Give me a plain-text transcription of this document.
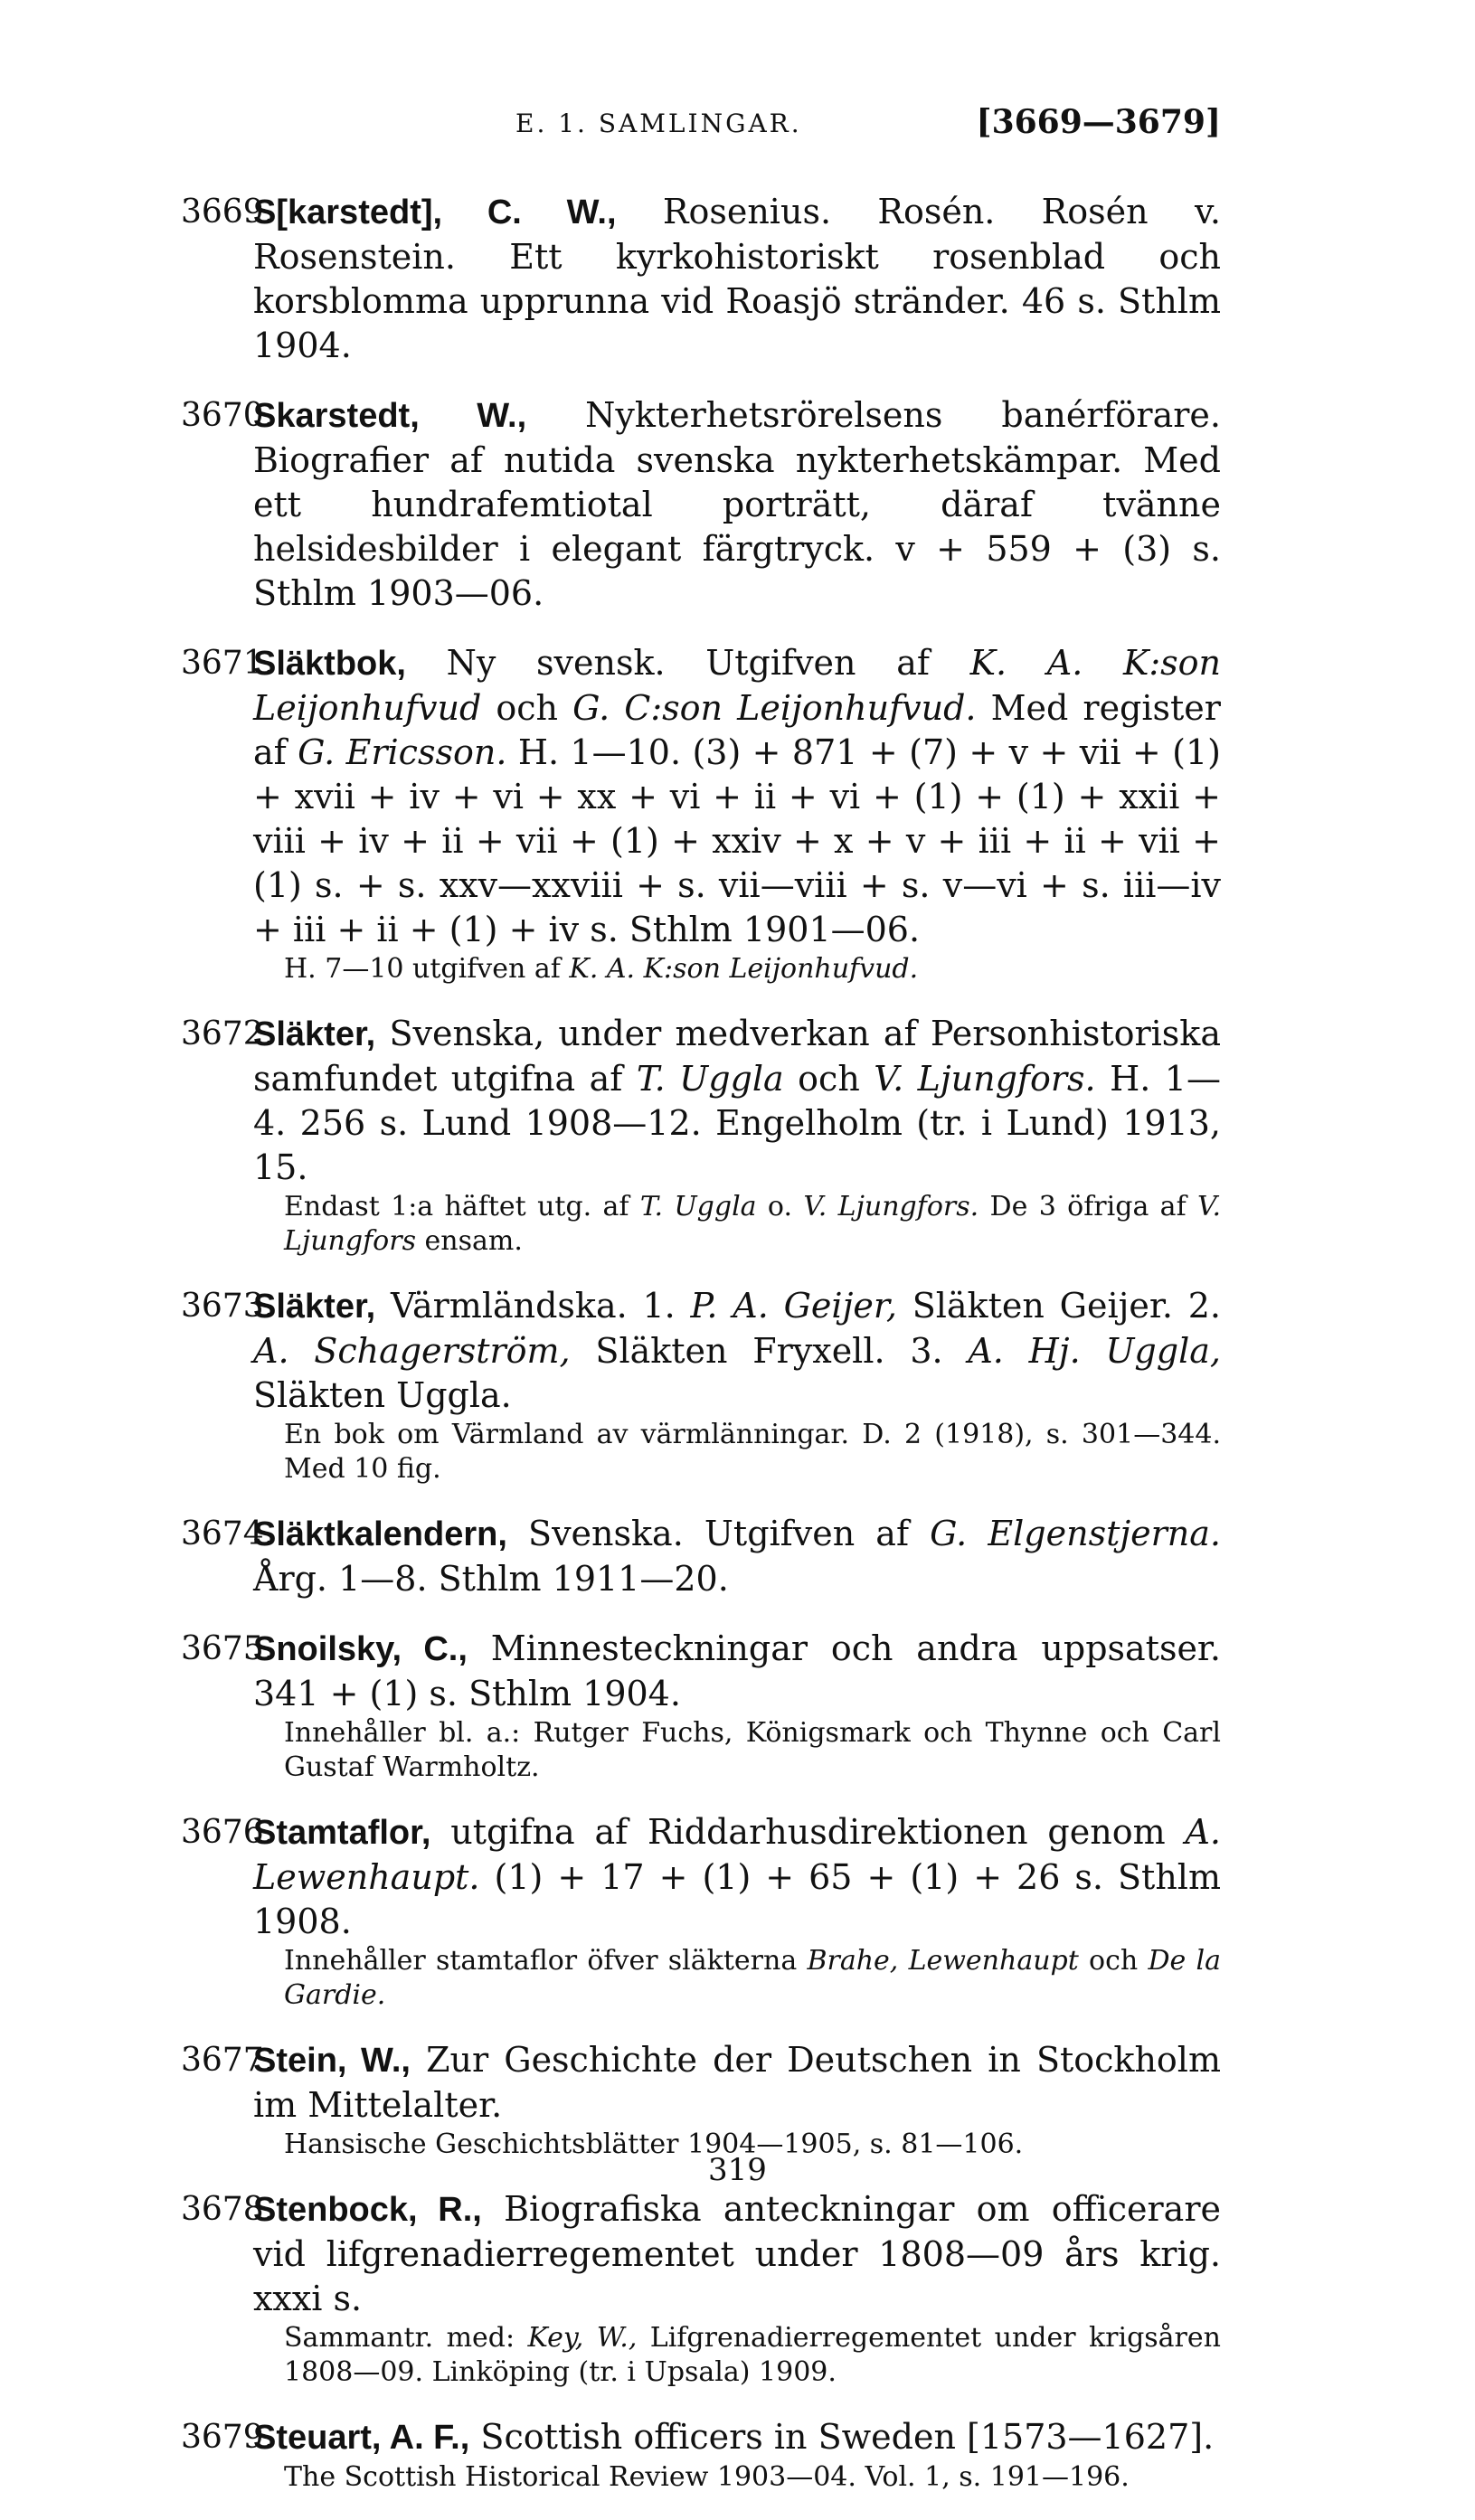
E. 1. SAMLINGAR.	[3669—3679]
3669.
S[karstedt], C. W., Rosenius. Rosén. Rosén v. Rosenstein. Ett kyrkohistoriskt rosenblad och korsblomma upprunna vid Roasjö stränder. 46 s. Sthlm 1904.
3670.
Skarstedt, W., Nykterhetsrörelsens banérförare. Biografier af nutida svenska nykterhetskämpar. Med ett hundrafemtiotal porträtt, däraf tvänne helsidesbilder i elegant färgtryck. v + 559 + (3) s. Sthlm 1903—06.
3671.
Släktbok, Ny svensk. Utgifven af K. A. K:son Leijonhufvud och G. C:son Leijonhufvud. Med register af G. Ericsson. H. 1—10. (3) + 871 + (7) + v + vii + (1) + xvii + iv + vi + xx + vi + ii + vi + (1) + (1) + xxii + viii + iv + ii + vii + (1) + xxiv + x + v + iii + ii + vii + (1) s. + s. xxv—xxviii + s. vii—viii + s. v—vi + s. iii—iv + iii + ii + (1) + iv s. Sthlm 1901—06.
H. 7—10 utgifven af K. A. K:son Leijonhufvud.
3672.
Släkter, Svenska, under medverkan af Personhistoriska samfundet utgifna af T. Uggla och V. Ljungfors. H. 1—4. 256 s. Lund 1908—12. Engelholm (tr. i Lund) 1913, 15.
Endast 1:a häftet utg. af T. Uggla o. V. Ljungfors. De 3 öfriga af V. Ljungfors ensam.
3673.
Släkter, Värmländska. 1. P. A. Geijer, Släkten Geijer. 2. A. Schagerström, Släkten Fryxell. 3. A. Hj. Uggla, Släkten Uggla.
En bok om Värmland av värmlänningar. D. 2 (1918), s. 301—344. Med 10 fig.
3674.
Släktkalendern, Svenska. Utgifven af G. Elgenstjerna. Årg. 1—8. Sthlm 1911—20.
3675.
Snoilsky, C., Minnesteckningar och andra uppsatser. 341 + (1) s. Sthlm 1904.
Innehåller bl. a.: Rutger Fuchs, Königsmark och Thynne och Carl Gustaf Warmholtz.
3676.
Stamtaflor, utgifna af Riddarhusdirektionen genom A. Lewenhaupt. (1) + 17 + (1) + 65 + (1) + 26 s. Sthlm 1908.
Innehåller stamtaflor öfver släkterna Brahe, Lewenhaupt och De la Gardie.
3677.
Stein, W., Zur Geschichte der Deutschen in Stockholm im Mittelalter.
Hansische Geschichtsblätter 1904—1905, s. 81—106.
3678.
Stenbock, R., Biografiska anteckningar om officerare vid lifgrenadierregementet under 1808—09 års krig. xxxi s.
Sammantr. med: Key, W., Lifgrenadierregementet under krigsåren 1808—09. Linköping (tr. i Upsala) 1909.
3679.
Steuart, A. F., Scottish officers in Sweden [1573—1627].
The Scottish Historical Review 1903—04. Vol. 1, s. 191—196.
319
